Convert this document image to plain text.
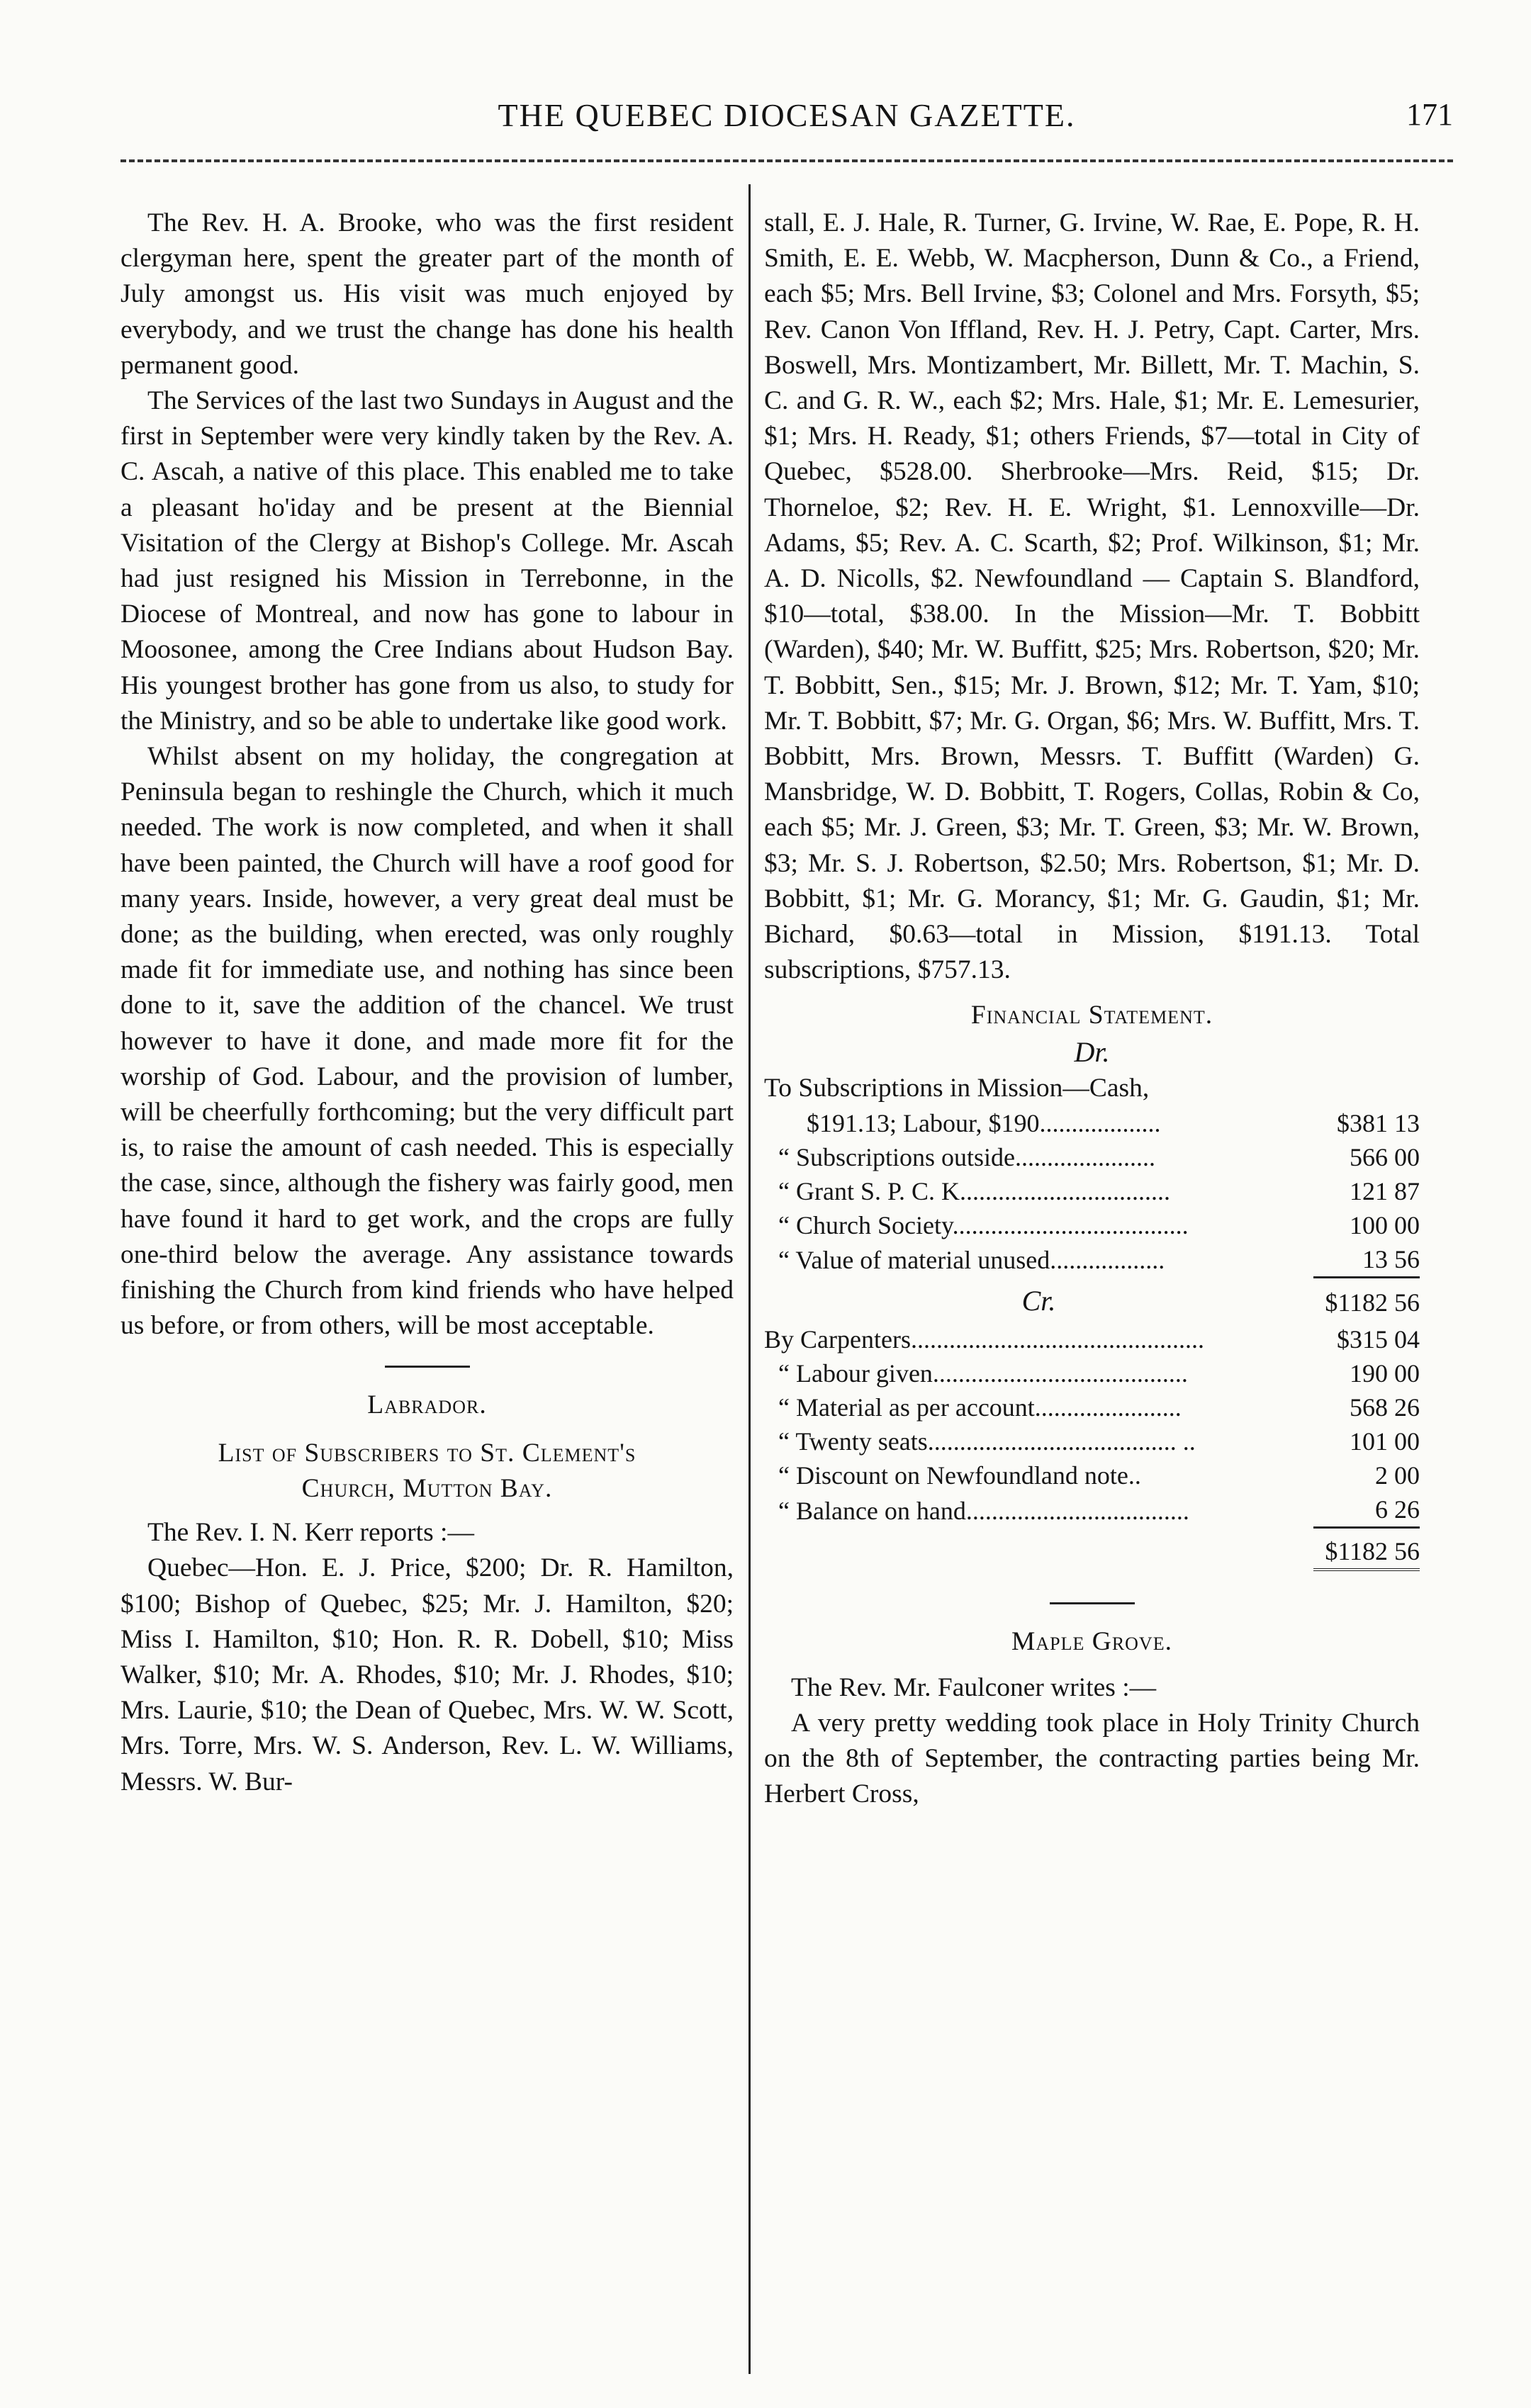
THE QUEBEC DIOCESAN GAZETTE.	171

The Rev. H. A. Brooke, who was the first resident clergyman here, spent the greater part of the month of July amongst us. His visit was much enjoyed by everybody, and we trust the change has done his health permanent good.

The Services of the last two Sundays in August and the first in September were very kindly taken by the Rev. A. C. Ascah, a native of this place. This enabled me to take a pleasant ho'iday and be present at the Biennial Visitation of the Clergy at Bishop's College. Mr. Ascah had just resigned his Mission in Terrebonne, in the Diocese of Montreal, and now has gone to labour in Moosonee, among the Cree Indians about Hudson Bay. His youngest brother has gone from us also, to study for the Ministry, and so be able to undertake like good work.

Whilst absent on my holiday, the congregation at Peninsula began to reshingle the Church, which it much needed. The work is now completed, and when it shall have been painted, the Church will have a roof good for many years. Inside, however, a very great deal must be done; as the building, when erected, was only roughly made fit for immediate use, and nothing has since been done to it, save the addition of the chancel. We trust however to have it done, and made more fit for the worship of God. Labour, and the provision of lumber, will be cheerfully forthcoming; but the very difficult part is, to raise the amount of cash needed. This is especially the case, since, although the fishery was fairly good, men have found it hard to get work, and the crops are fully one-third below the average. Any assistance towards finishing the Church from kind friends who have helped us before, or from others, will be most acceptable.

Labrador.

List of Subscribers to St. Clement's

Church, Mutton Bay.

The Rev. I. N. Kerr reports :—

Quebec—Hon. E. J. Price, $200; Dr. R. Hamilton, $100; Bishop of Quebec, $25; Mr. J. Hamilton, $20; Miss I. Hamilton, $10; Hon. R. R. Dobell, $10; Miss Walker, $10; Mr. A. Rhodes, $10; Mr. J. Rhodes, $10; Mrs. Laurie, $10; the Dean of Quebec, Mrs. W. W. Scott, Mrs. Torre, Mrs. W. S. Anderson, Rev. L. W. Williams, Messrs. W. Bur-

stall, E. J. Hale, R. Turner, G. Irvine, W. Rae, E. Pope, R. H. Smith, E. E. Webb, W. Macpherson, Dunn & Co., a Friend, each $5; Mrs. Bell Irvine, $3; Colonel and Mrs. Forsyth, $5; Rev. Canon Von Iffland, Rev. H. J. Petry, Capt. Carter, Mrs. Boswell, Mrs. Montizambert, Mr. Billett, Mr. T. Machin, S. C. and G. R. W., each $2; Mrs. Hale, $1; Mr. E. Lemesurier, $1; Mrs. H. Ready, $1; others Friends, $7—total in City of Quebec, $528.00. Sherbrooke—Mrs. Reid, $15; Dr. Thorneloe, $2; Rev. H. E. Wright, $1. Lennoxville—Dr. Adams, $5; Rev. A. C. Scarth, $2; Prof. Wilkinson, $1; Mr. A. D. Nicolls, $2. Newfoundland — Captain S. Blandford, $10—total, $38.00. In the Mission—Mr. T. Bobbitt (Warden), $40; Mr. W. Buffitt, $25; Mrs. Robertson, $20; Mr. T. Bobbitt, Sen., $15; Mr. J. Brown, $12; Mr. T. Yam, $10; Mr. T. Bobbitt, $7; Mr. G. Organ, $6; Mrs. W. Buffitt, Mrs. T. Bobbitt, Mrs. Brown, Messrs. T. Buffitt (Warden) G. Mansbridge, W. D. Bobbitt, T. Rogers, Collas, Robin & Co, each $5; Mr. J. Green, $3; Mr. T. Green, $3; Mr. W. Brown, $3; Mr. S. J. Robertson, $2.50; Mrs. Robertson, $1; Mr. D. Bobbitt, $1; Mr. G. Morancy, $1; Mr. G. Gaudin, $1; Mr. Bichard, $0.63—total in Mission, $191.13. Total subscriptions, $757.13.

Financial Statement.

Dr.

To Subscriptions in Mission—Cash,

$191.13; Labour, $190...................	$381 13
“ Subscriptions outside......................	566 00
“ Grant S. P. C. K.................................	121 87
“ Church Society.....................................	100 00
“ Value of material unused..................	13 56
Cr.	$1182 56
By Carpenters..............................................	$315 04
“ Labour given........................................	190 00
“ Material as per account.......................	568 26
“ Twenty seats....................................... ..	101 00
“ Discount on Newfoundland note..	2 00
“ Balance on hand...................................	6 26
	$1182 56

Maple Grove.

The Rev. Mr. Faulconer writes :—

A very pretty wedding took place in Holy Trinity Church on the 8th of September, the contracting parties being Mr. Herbert Cross,
